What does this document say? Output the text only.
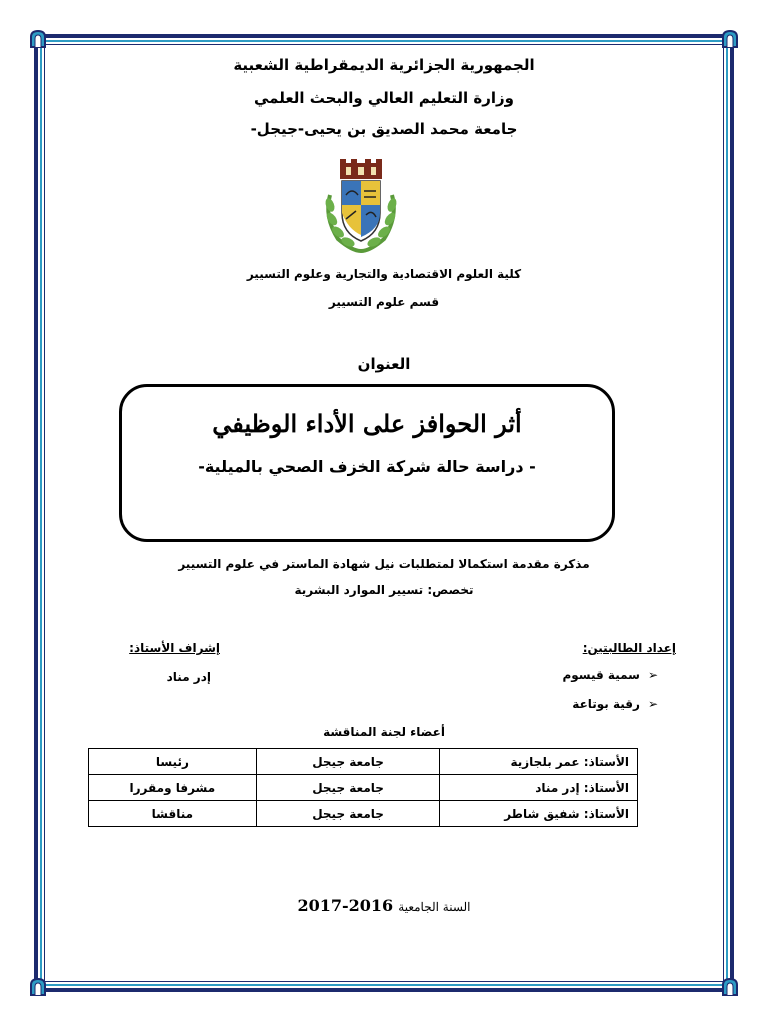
الجمهورية الجزائرية الديمقراطية الشعبية
وزارة التعليم العالي والبحث العلمي
جامعة محمد الصديق بن يحيى-جيجل-
كلية العلوم الاقتصادية والتجارية وعلوم التسيير
قسم علوم التسيير
العنوان
أثر الحوافز على الأداء الوظيفي
- دراسة حالة شركة الخزف الصحي بالميلية-
مذكرة مقدمة استكمالا لمتطلبات نيل شهادة الماستر في علوم التسيير
تخصص: تسيير الموارد البشرية
إعداد الطالبتين:
➢سمية قيسوم
➢رقية بوتاعة
إشراف الأستاذ:
إدر مناد
أعضاء لجنة المناقشة
الأستاذ: عمر بلجازية	جامعة جيجل	رئيسا
الأستاذ: إدر مناد	جامعة جيجل	مشرفا ومقررا
الأستاذ: شفيق شاطر	جامعة جيجل	مناقشا
السنة الجامعية 2017-2016
